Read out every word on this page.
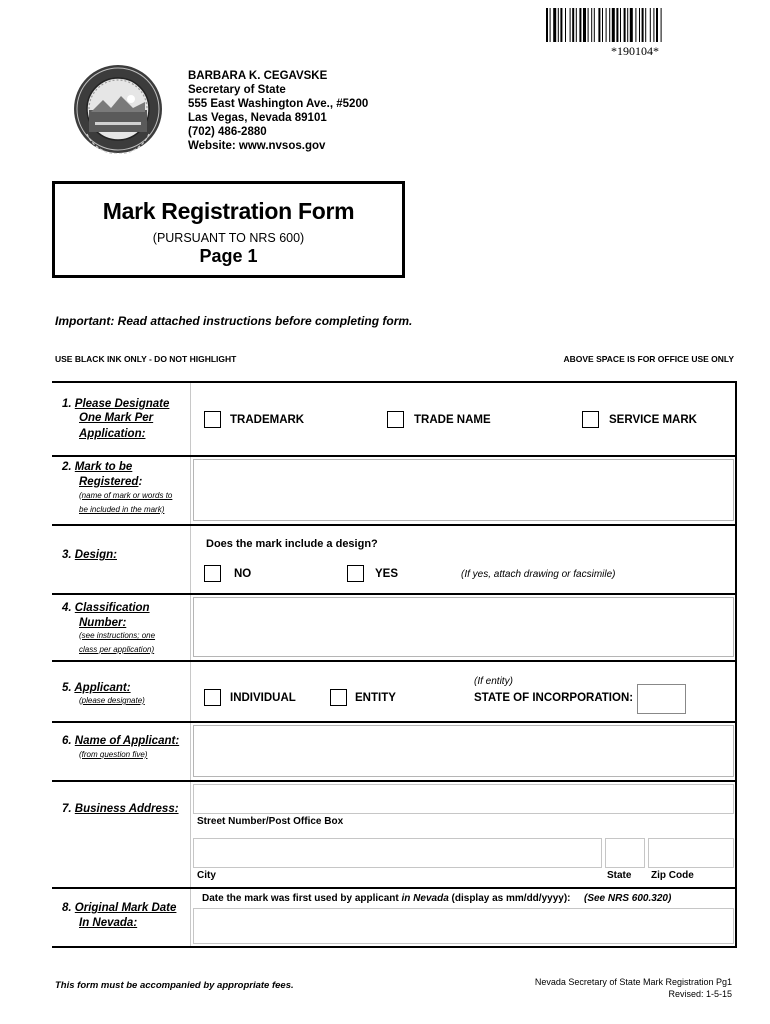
*190104*
BARBARA K. CEGAVSKE
Secretary of State
555 East Washington Ave., #5200
Las Vegas, Nevada 89101
(702) 486-2880
Website: www.nvsos.gov
Mark Registration Form
(PURSUANT TO NRS 600)
Page 1
Important: Read attached instructions before completing form.
USE BLACK INK ONLY - DO NOT HIGHLIGHT	ABOVE SPACE IS FOR OFFICE USE ONLY
1. Please Designate
One Mark Per
Application:
TRADEMARK	TRADE NAME	SERVICE MARK
2. Mark to be
Registered:
(name of mark or words to
be included in the mark)
3. Design:
Does the mark include a design?
NO	YES	(If yes, attach drawing or facsimile)
4. Classification
Number:
(see instructions; one
class per application)
5. Applicant:
(please designate)	INDIVIDUAL	ENTITY
(If entity)
STATE OF INCORPORATION:
6. Name of Applicant:
(from question five)
7. Business Address:
Street Number/Post Office Box
City	State Zip Code
8. Original Mark Date
In Nevada:
Date the mark was first used by applicant in Nevada (display as mm/dd/yyyy): (See NRS 600.320)
This form must be accompanied by appropriate fees.	Nevada Secretary of State Mark Registration Pg1
Revised: 1-5-15
